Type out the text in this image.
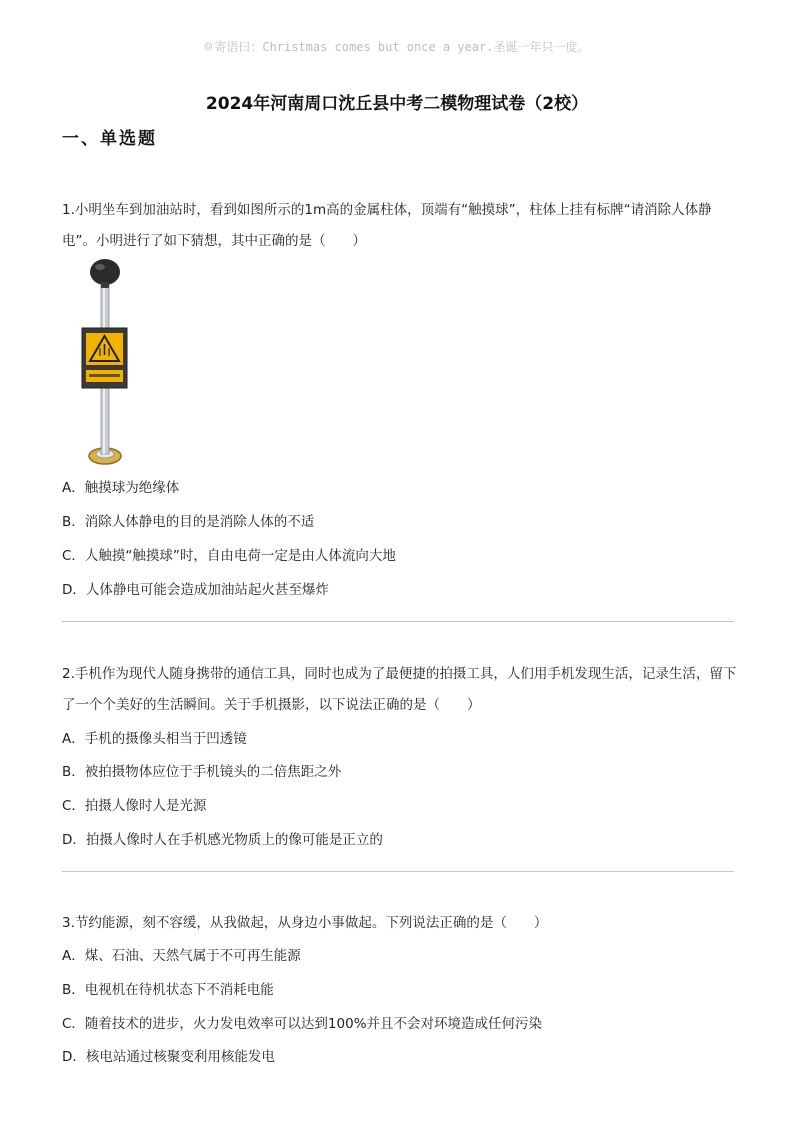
☺ 寄语曰：Christmas comes but once a year.圣诞一年只一度。
2024年河南周口沈丘县中考二模物理试卷（2校）
一、单选题
1.小明坐车到加油站时，看到如图所示的1m高的金属柱体，顶端有“触摸球”，柱体上挂有标牌“请消除人体静电”。小明进行了如下猜想，其中正确的是（　　）
A．触摸球为绝缘体
B．消除人体静电的目的是消除人体的不适
C．人触摸“触摸球”时，自由电荷一定是由人体流向大地
D．人体静电可能会造成加油站起火甚至爆炸
2.手机作为现代人随身携带的通信工具，同时也成为了最便捷的拍摄工具，人们用手机发现生活，记录生活，留下了一个个美好的生活瞬间。关于手机摄影，以下说法正确的是（　　）
A．手机的摄像头相当于凹透镜
B．被拍摄物体应位于手机镜头的二倍焦距之外
C．拍摄人像时人是光源
D．拍摄人像时人在手机感光物质上的像可能是正立的
3.节约能源，刻不容缓，从我做起，从身边小事做起。下列说法正确的是（　　）
A．煤、石油、天然气属于不可再生能源
B．电视机在待机状态下不消耗电能
C．随着技术的进步，火力发电效率可以达到100%并且不会对环境造成任何污染
D．核电站通过核聚变利用核能发电
